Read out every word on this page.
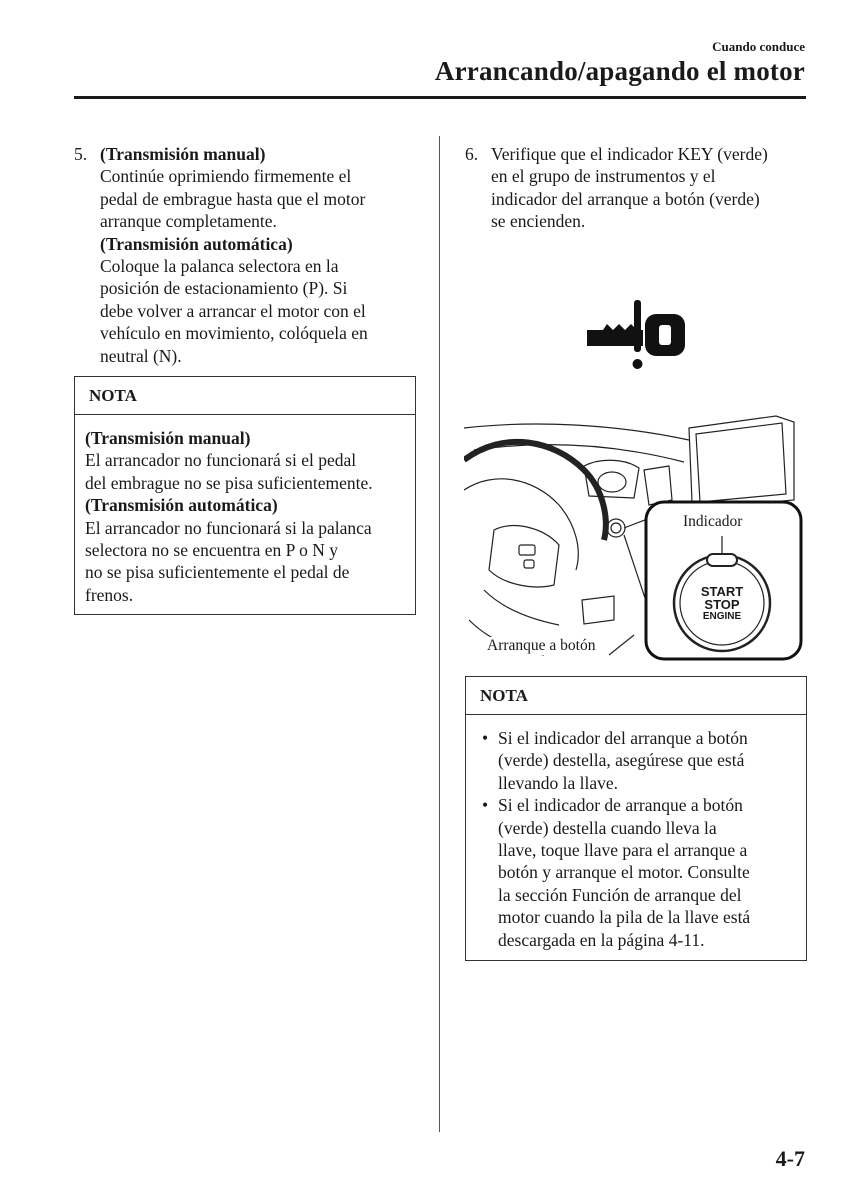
Cuando conduce
Arrancando/apagando el motor
5. (Transmisión manual)

Continúe oprimiendo firmemente el

pedal de embrague hasta que el motor

arranque completamente.

(Transmisión automática)

Coloque la palanca selectora en la

posición de estacionamiento (P). Si

debe volver a arrancar el motor con el

vehículo en movimiento, colóquela en

neutral (N).

NOTA

(Transmisión manual)

El arrancador no funcionará si el pedal

del embrague no se pisa suficientemente.

(Transmisión automática)

El arrancador no funcionará si la palanca

selectora no se encuentra en P o N y

no se pisa suficientemente el pedal de

frenos.

6. Verifique que el indicador KEY (verde)

en el grupo de instrumentos y el

indicador del arranque a botón (verde)

se encienden.

Indicador
START
STOP
ENGINE
Arranque a botón
NOTA
• Si el indicador del arranque a botón
(verde) destella, asegúrese que está
llevando la llave.
• Si el indicador de arranque a botón
(verde) destella cuando lleva la
llave, toque llave para el arranque a
botón y arranque el motor. Consulte
la sección Función de arranque del
motor cuando la pila de la llave está
descargada en la página 4-11.
4-7
